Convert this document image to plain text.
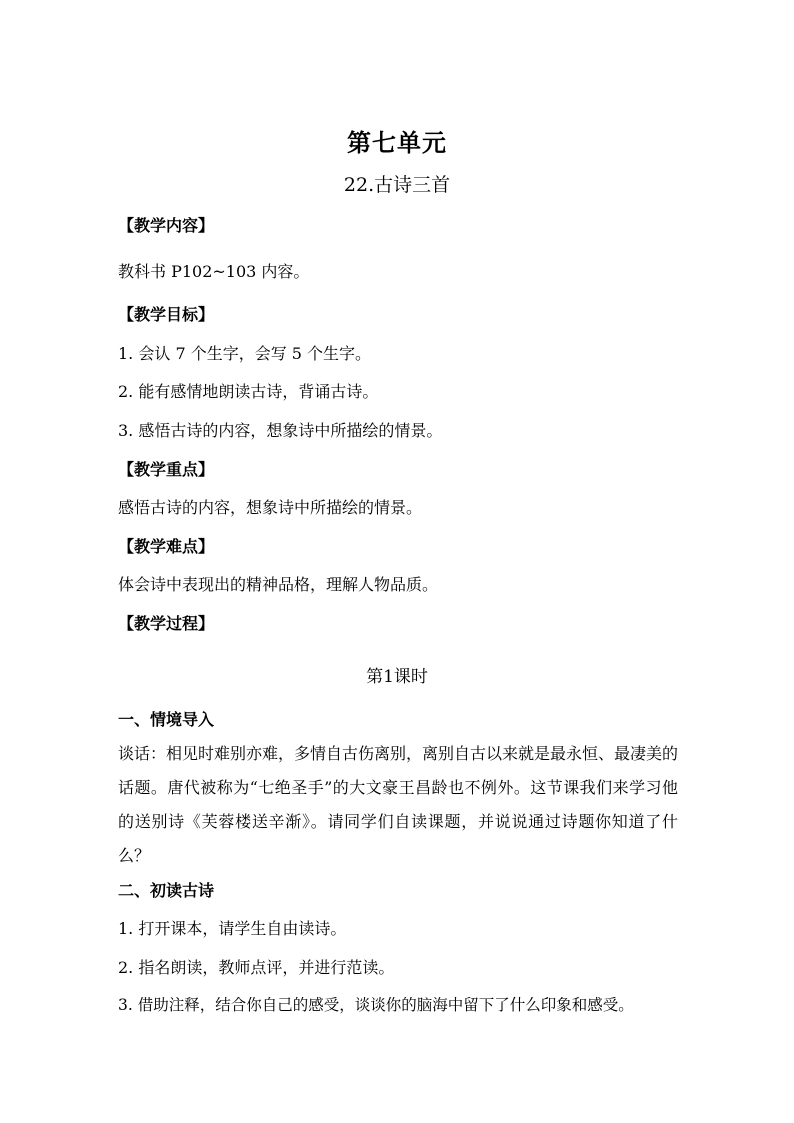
第七单元
22.古诗三首
【教学内容】
教科书 P102~103 内容。
【教学目标】
1. 会认 7 个生字，会写 5 个生字。
2. 能有感情地朗读古诗，背诵古诗。
3. 感悟古诗的内容，想象诗中所描绘的情景。
【教学重点】
感悟古诗的内容，想象诗中所描绘的情景。
【教学难点】
体会诗中表现出的精神品格，理解人物品质。
【教学过程】
第1课时
一、情境导入
谈话：相见时难别亦难，多情自古伤离别，离别自古以来就是最永恒、最凄美的话题。唐代被称为“七绝圣手”的大文豪王昌龄也不例外。这节课我们来学习他的送别诗《芙蓉楼送辛渐》。请同学们自读课题，并说说通过诗题你知道了什么？
二、初读古诗
1. 打开课本，请学生自由读诗。
2. 指名朗读，教师点评，并进行范读。
3. 借助注释，结合你自己的感受，谈谈你的脑海中留下了什么印象和感受。
